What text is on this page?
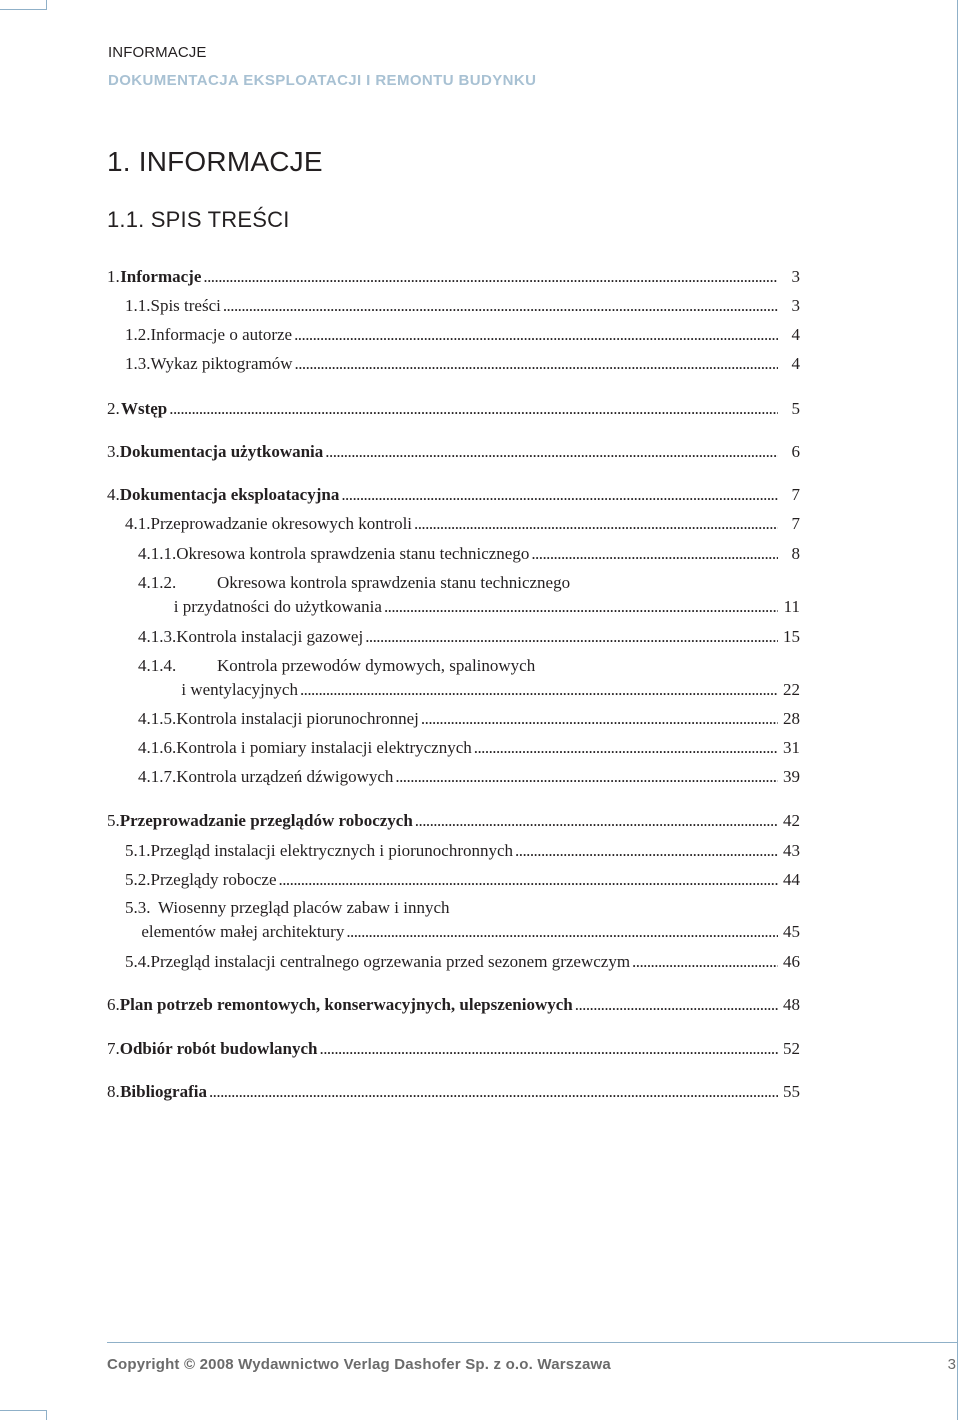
INFORMACJE
DOKUMENTACJA EKSPLOATACJI I REMONTU BUDYNKU
1. INFORMACJE
1.1. SPIS TREŚCI
1. Informacje . . .	3
1.1. Spis treści . . .	3
1.2. Informacje o autorze . . .	4
1.3. Wykaz piktogramów . . .	4
2. Wstęp . . .	5
3. Dokumentacja użytkowania . . .	6
4. Dokumentacja eksploatacyjna . . .	7
4.1. Przeprowadzanie okresowych kontroli . . .	7
4.1.1. Okresowa kontrola sprawdzenia stanu technicznego . . .	8
4.1.2.	Okresowa kontrola sprawdzenia stanu technicznego
i przydatności do użytkowania . . .	11
4.1.3. Kontrola instalacji gazowej . . .	15
4.1.4.	Kontrola przewodów dymowych, spalinowych
i wentylacyjnych . . .	22
4.1.5. Kontrola instalacji piorunochronnej . . .	28
4.1.6. Kontrola i pomiary instalacji elektrycznych . . .	31
4.1.7. Kontrola urządzeń dźwigowych . . .	39
5. Przeprowadzanie przeglądów roboczych . . .	42
5.1. Przegląd instalacji elektrycznych i piorunochronnych . . .	43
5.2. Przeglądy robocze . . .	44
5.3. Wiosenny przegląd placów zabaw i innych
elementów małej architektury . . .	45
5.4. Przegląd instalacji centralnego ogrzewania przed sezonem grzewczym . . .	46
6. Plan potrzeb remontowych, konserwacyjnych, ulepszeniowych . . .	48
7. Odbiór robót budowlanych . . .	52
8. Bibliografia . . .	55
Copyright © 2008 Wydawnictwo Verlag Dashofer Sp. z o.o. Warszawa	3
